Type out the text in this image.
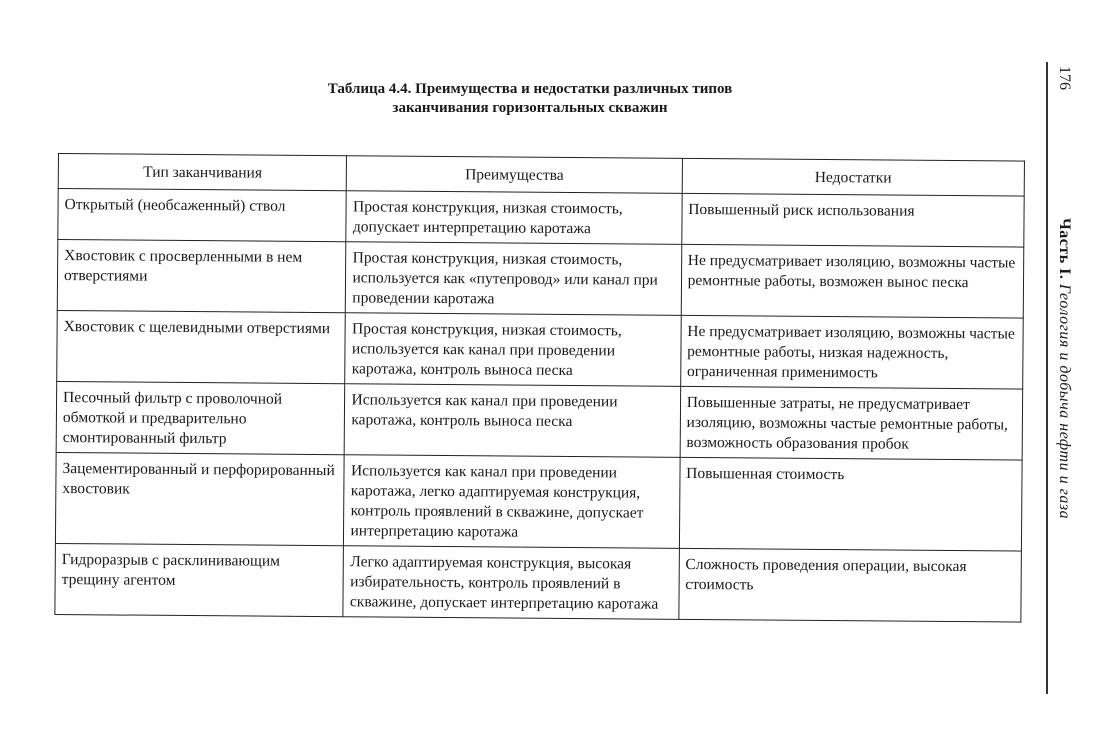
Таблица 4.4. Преимущества и недостатки различных типов
заканчивания горизонтальных скважин
Тип заканчивания	Преимущества	Недостатки
Открытый (необсаженный) ствол	Простая конструкция, низкая стоимость, допускает интерпретацию каротажа	Повышенный риск использования
Хвостовик с просверленными в нем отверстиями	Простая конструкция, низкая стоимость, используется как «путепровод» или канал при проведении каротажа	Не предусматривает изоляцию, возможны частые ремонтные работы, возможен вынос песка
Хвостовик с щелевидными отверстиями	Простая конструкция, низкая стоимость, используется как канал при проведении каротажа, контроль выноса песка	Не предусматривает изоляцию, возможны частые ремонтные работы, низкая надежность, ограниченная применимость
Песочный фильтр с проволочной обмоткой и предварительно смонтированный фильтр	Используется как канал при проведении каротажа, контроль выноса песка	Повышенные затраты, не предусматривает изоляцию, возможны частые ремонтные работы, возможность образования пробок
Зацементированный и перфорированный хвостовик	Используется как канал при проведении каротажа, легко адаптируемая конструкция, контроль проявлений в скважине, допускает интерпретацию каротажа	Повышенная стоимость
Гидроразрыв с расклинивающим трещину агентом	Легко адаптируемая конструкция, высокая избирательность, контроль проявлений в скважине, допускает интерпретацию каротажа	Сложность проведения операции, высокая стоимость
176
Часть I. Геология и добыча нефти и газа
